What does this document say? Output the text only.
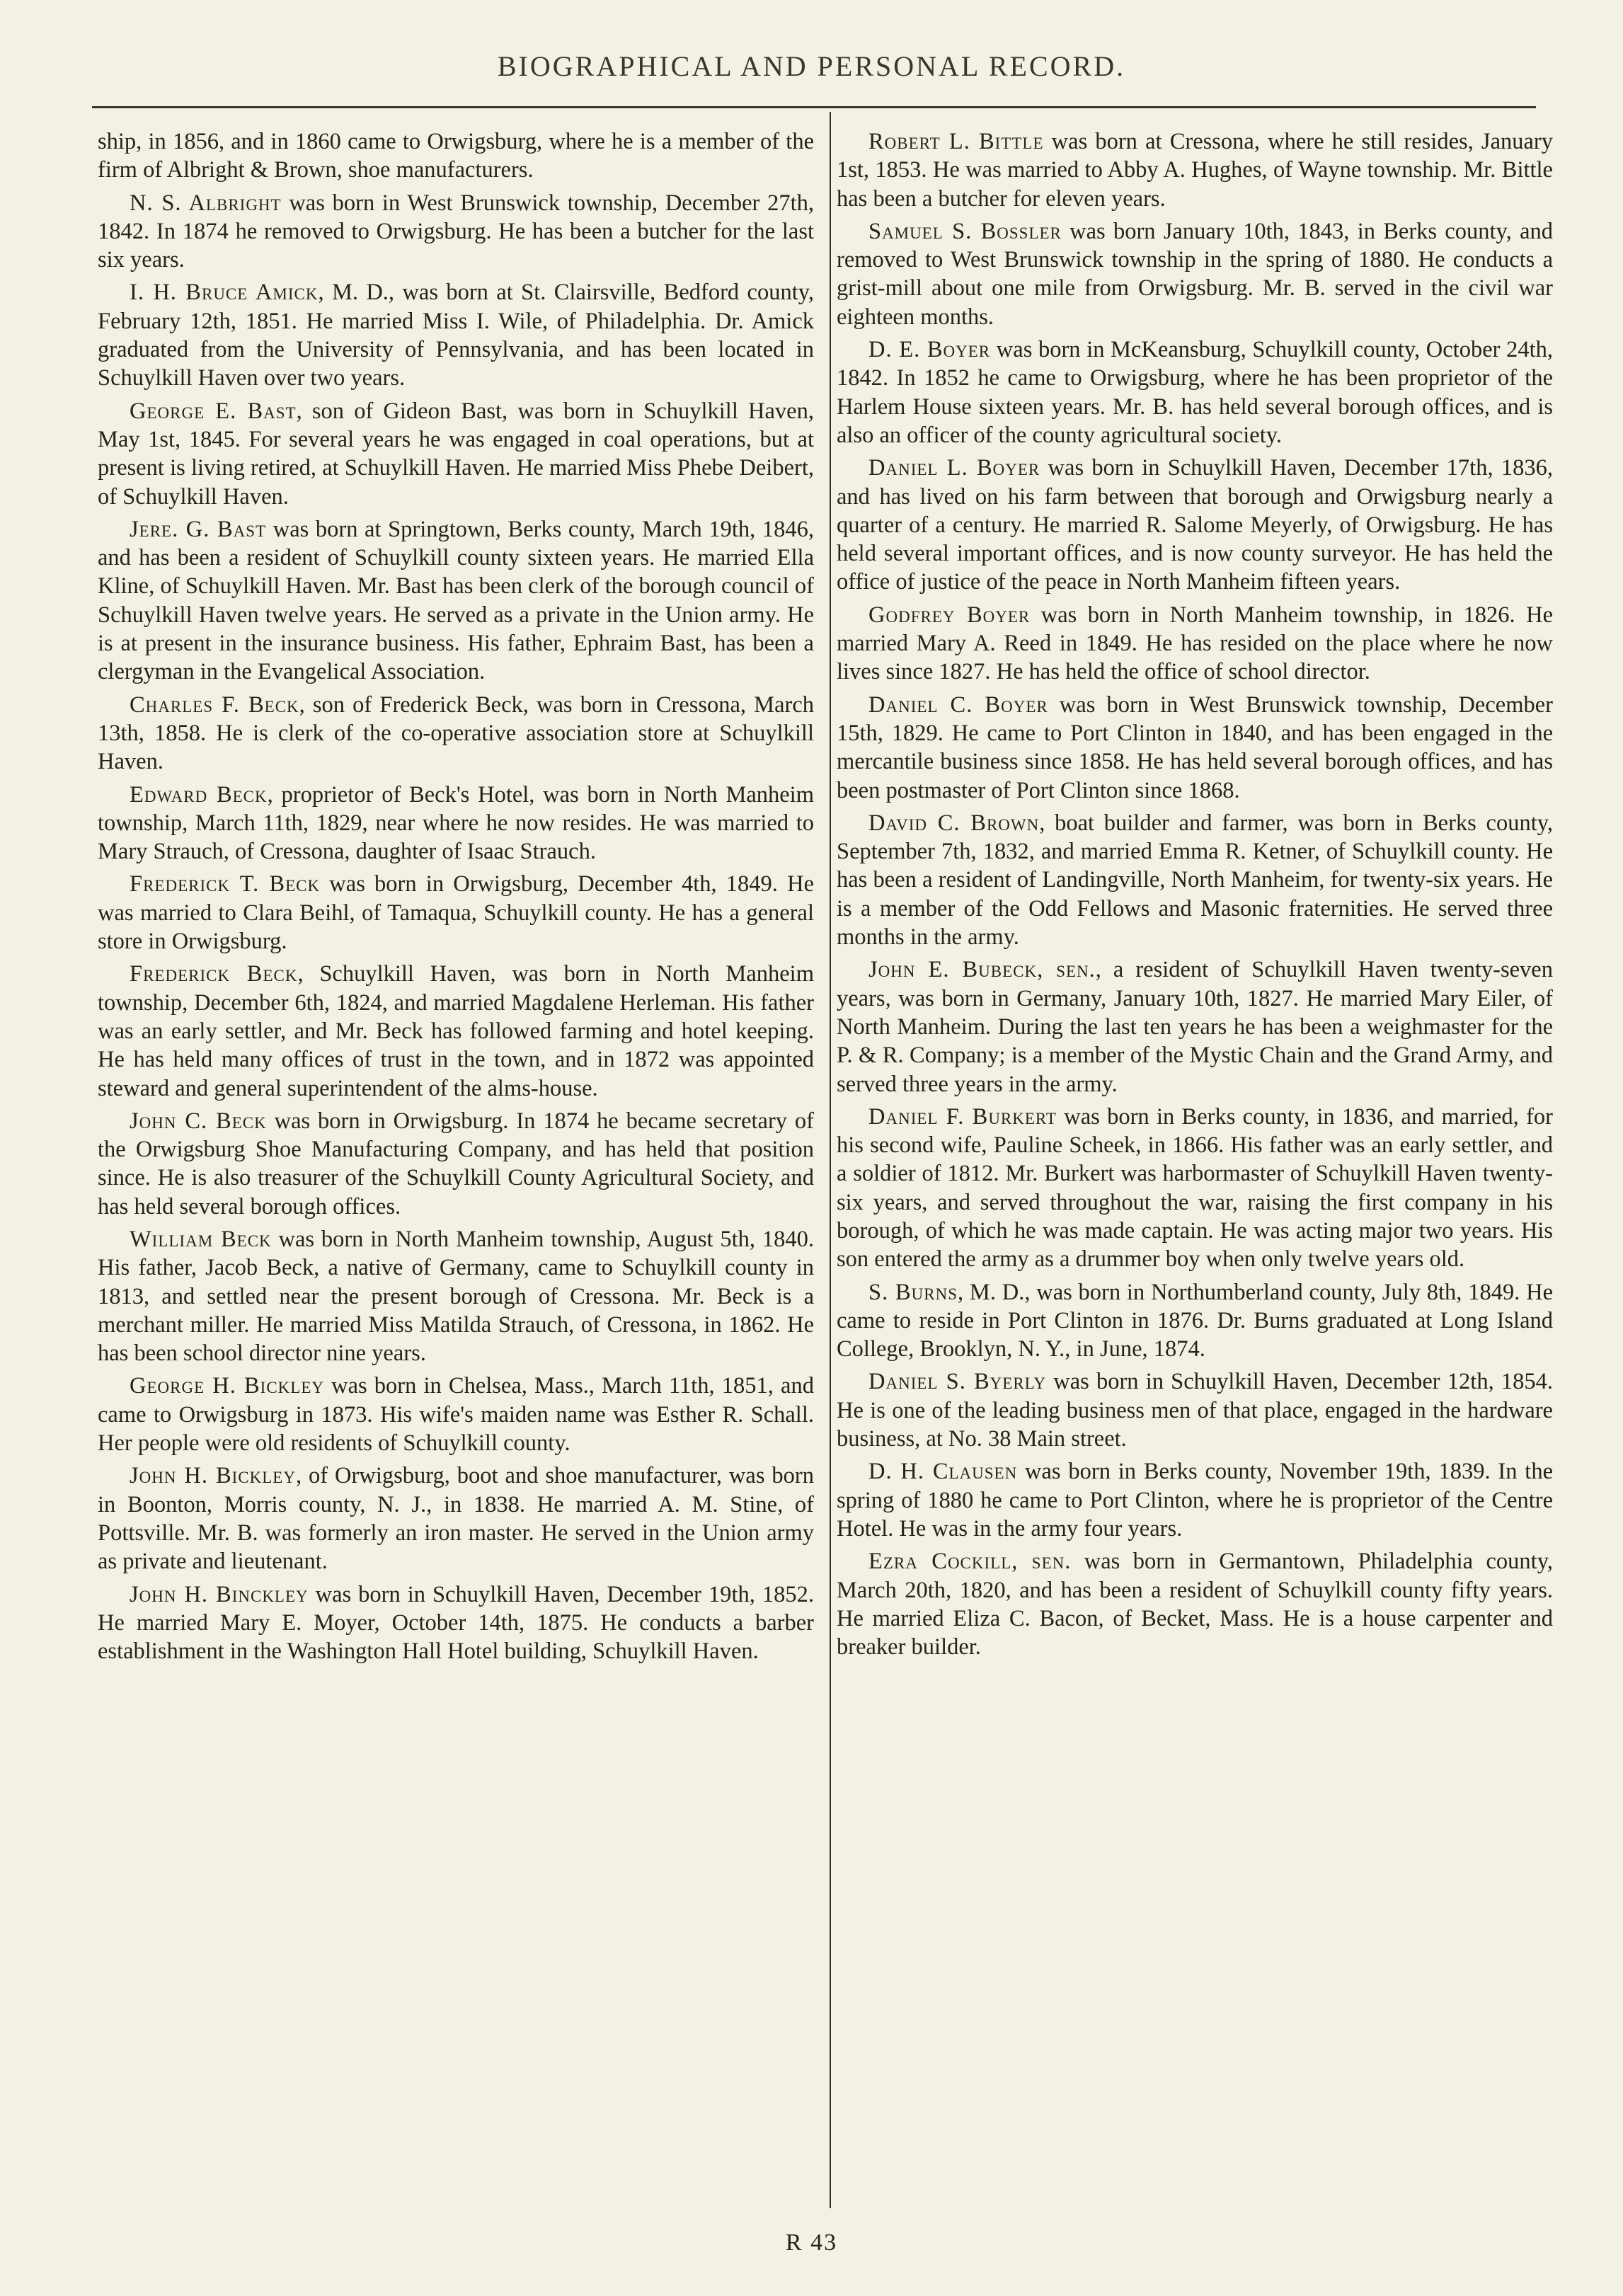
BIOGRAPHICAL AND PERSONAL RECORD.

ship, in 1856, and in 1860 came to Orwigsburg, where he is a member of the firm of Albright & Brown, shoe manufacturers.

N. S. Albright was born in West Brunswick township, December 27th, 1842. In 1874 he removed to Orwigsburg. He has been a butcher for the last six years.

I. H. Bruce Amick, M. D., was born at St. Clairsville, Bedford county, February 12th, 1851. He married Miss I. Wile, of Philadelphia. Dr. Amick graduated from the University of Pennsylvania, and has been located in Schuylkill Haven over two years.

George E. Bast, son of Gideon Bast, was born in Schuylkill Haven, May 1st, 1845. For several years he was engaged in coal operations, but at present is living retired, at Schuylkill Haven. He married Miss Phebe Deibert, of Schuylkill Haven.

Jere. G. Bast was born at Springtown, Berks county, March 19th, 1846, and has been a resident of Schuylkill county sixteen years. He married Ella Kline, of Schuylkill Haven. Mr. Bast has been clerk of the borough council of Schuylkill Haven twelve years. He served as a private in the Union army. He is at present in the insurance business. His father, Ephraim Bast, has been a clergyman in the Evangelical Association.

Charles F. Beck, son of Frederick Beck, was born in Cressona, March 13th, 1858. He is clerk of the co-operative association store at Schuylkill Haven.

Edward Beck, proprietor of Beck's Hotel, was born in North Manheim township, March 11th, 1829, near where he now resides. He was married to Mary Strauch, of Cressona, daughter of Isaac Strauch.

Frederick T. Beck was born in Orwigsburg, December 4th, 1849. He was married to Clara Beihl, of Tamaqua, Schuylkill county. He has a general store in Orwigsburg.

Frederick Beck, Schuylkill Haven, was born in North Manheim township, December 6th, 1824, and married Magdalene Herleman. His father was an early settler, and Mr. Beck has followed farming and hotel keeping. He has held many offices of trust in the town, and in 1872 was appointed steward and general superintendent of the alms-house.

John C. Beck was born in Orwigsburg. In 1874 he became secretary of the Orwigsburg Shoe Manufacturing Company, and has held that position since. He is also treasurer of the Schuylkill County Agricultural Society, and has held several borough offices.

William Beck was born in North Manheim township, August 5th, 1840. His father, Jacob Beck, a native of Germany, came to Schuylkill county in 1813, and settled near the present borough of Cressona. Mr. Beck is a merchant miller. He married Miss Matilda Strauch, of Cressona, in 1862. He has been school director nine years.

George H. Bickley was born in Chelsea, Mass., March 11th, 1851, and came to Orwigsburg in 1873. His wife's maiden name was Esther R. Schall. Her people were old residents of Schuylkill county.

John H. Bickley, of Orwigsburg, boot and shoe manufacturer, was born in Boonton, Morris county, N. J., in 1838. He married A. M. Stine, of Pottsville. Mr. B. was formerly an iron master. He served in the Union army as private and lieutenant.

John H. Binckley was born in Schuylkill Haven, December 19th, 1852. He married Mary E. Moyer, October 14th, 1875. He conducts a barber establishment in the Washington Hall Hotel building, Schuylkill Haven.

Robert L. Bittle was born at Cressona, where he still resides, January 1st, 1853. He was married to Abby A. Hughes, of Wayne township. Mr. Bittle has been a butcher for eleven years.

Samuel S. Bossler was born January 10th, 1843, in Berks county, and removed to West Brunswick township in the spring of 1880. He conducts a grist-mill about one mile from Orwigsburg. Mr. B. served in the civil war eighteen months.

D. E. Boyer was born in McKeansburg, Schuylkill county, October 24th, 1842. In 1852 he came to Orwigsburg, where he has been proprietor of the Harlem House sixteen years. Mr. B. has held several borough offices, and is also an officer of the county agricultural society.

Daniel L. Boyer was born in Schuylkill Haven, December 17th, 1836, and has lived on his farm between that borough and Orwigsburg nearly a quarter of a century. He married R. Salome Meyerly, of Orwigsburg. He has held several important offices, and is now county surveyor. He has held the office of justice of the peace in North Manheim fifteen years.

Godfrey Boyer was born in North Manheim township, in 1826. He married Mary A. Reed in 1849. He has resided on the place where he now lives since 1827. He has held the office of school director.

Daniel C. Boyer was born in West Brunswick township, December 15th, 1829. He came to Port Clinton in 1840, and has been engaged in the mercantile business since 1858. He has held several borough offices, and has been postmaster of Port Clinton since 1868.

David C. Brown, boat builder and farmer, was born in Berks county, September 7th, 1832, and married Emma R. Ketner, of Schuylkill county. He has been a resident of Landingville, North Manheim, for twenty-six years. He is a member of the Odd Fellows and Masonic fraternities. He served three months in the army.

John E. Bubeck, sen., a resident of Schuylkill Haven twenty-seven years, was born in Germany, January 10th, 1827. He married Mary Eiler, of North Manheim. During the last ten years he has been a weighmaster for the P. & R. Company; is a member of the Mystic Chain and the Grand Army, and served three years in the army.

Daniel F. Burkert was born in Berks county, in 1836, and married, for his second wife, Pauline Scheek, in 1866. His father was an early settler, and a soldier of 1812. Mr. Burkert was harbormaster of Schuylkill Haven twenty-six years, and served throughout the war, raising the first company in his borough, of which he was made captain. He was acting major two years. His son entered the army as a drummer boy when only twelve years old.

S. Burns, M. D., was born in Northumberland county, July 8th, 1849. He came to reside in Port Clinton in 1876. Dr. Burns graduated at Long Island College, Brooklyn, N. Y., in June, 1874.

Daniel S. Byerly was born in Schuylkill Haven, December 12th, 1854. He is one of the leading business men of that place, engaged in the hardware business, at No. 38 Main street.

D. H. Clausen was born in Berks county, November 19th, 1839. In the spring of 1880 he came to Port Clinton, where he is proprietor of the Centre Hotel. He was in the army four years.

Ezra Cockill, sen. was born in Germantown, Philadelphia county, March 20th, 1820, and has been a resident of Schuylkill county fifty years. He married Eliza C. Bacon, of Becket, Mass. He is a house carpenter and breaker builder.

R 43
